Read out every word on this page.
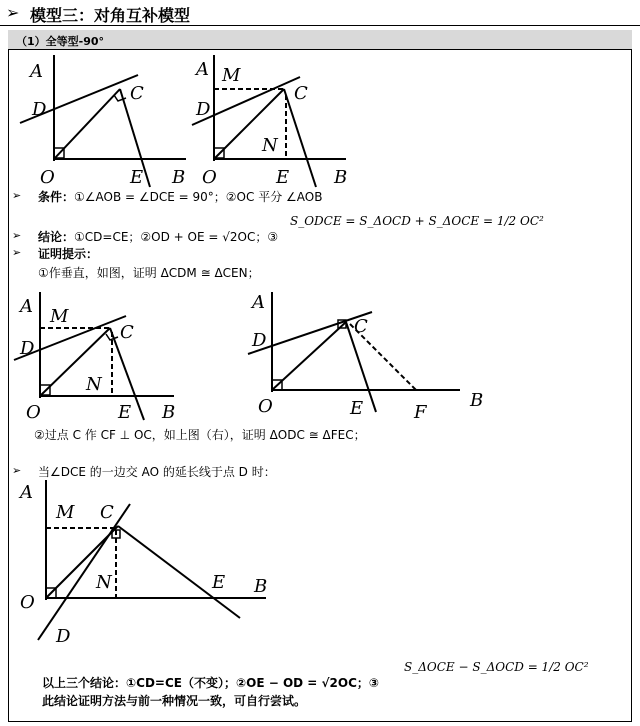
➢ 模型三：对角互补模型
（1）全等型-90°
A
D
C
O	E B
A M
D
C
N
O	E B
➢ 条件：①∠AOB = ∠DCE = 90°；②OC 平分 ∠AOB
➢ 结论：①CD=CE；②OD + OE = √2OC；③
S_ODCE = S_ΔOCD + S_ΔOCE = 1/2 OC²
➢ 证明提示：
①作垂直，如图，证明 ΔCDM ≅ ΔCEN；
A M
D
C
N
O	E B
A
D
C
O	E	F
B
②过点 C 作 CF ⊥ OC，如上图（右），证明 ΔODC ≅ ΔFEC；
➢ 当∠DCE 的一边交 AO 的延长线于点 D 时：
A
M C
N	E B
O
D
以上三个结论：①CD=CE（不变）；②OE − OD = √2OC；③
S_ΔOCE − S_ΔOCD = 1/2 OC²
此结论证明方法与前一种情况一致，可自行尝试。
